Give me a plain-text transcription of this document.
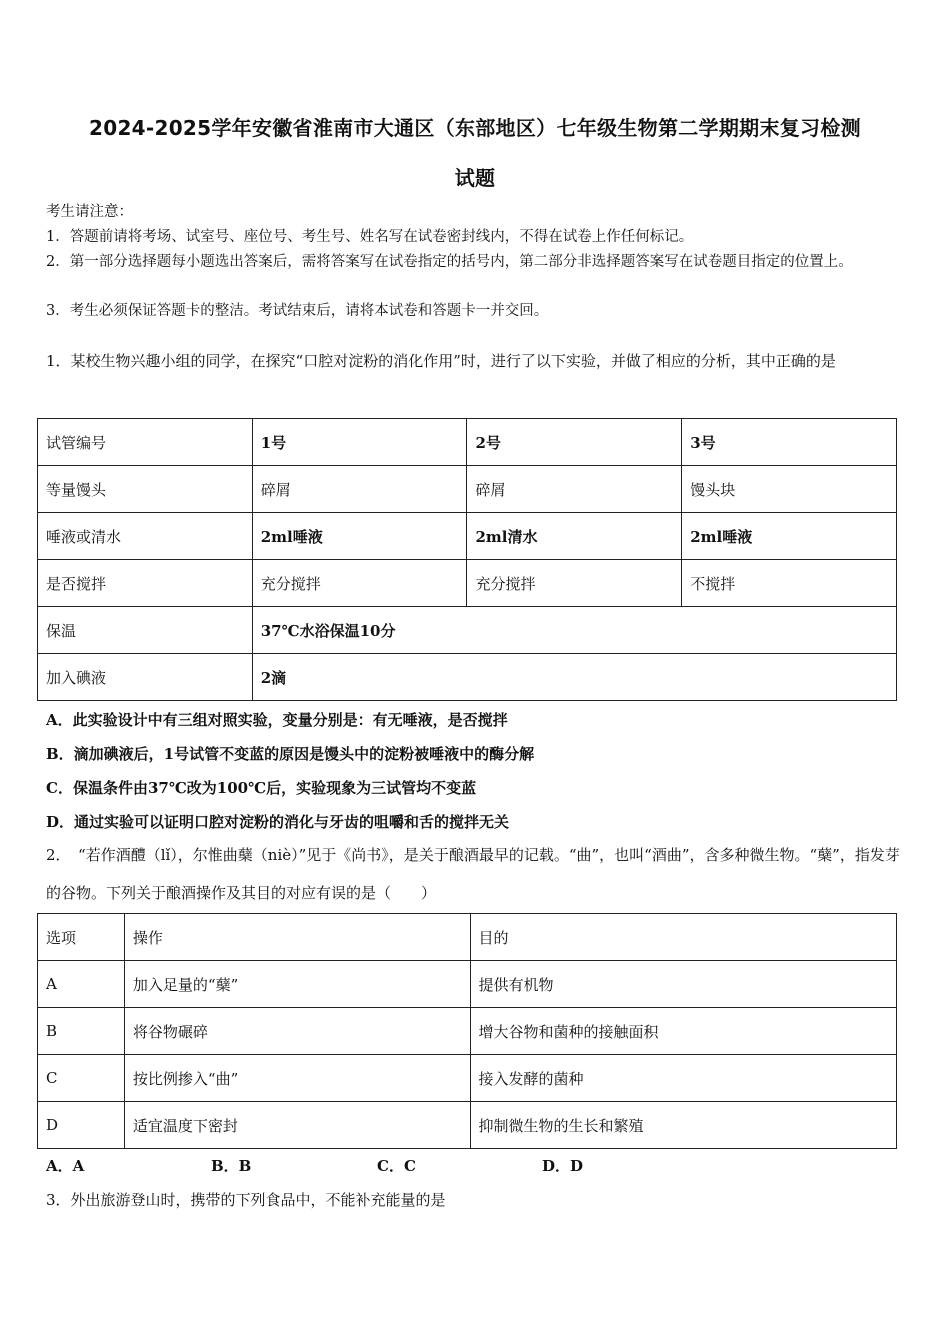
2024-2025学年安徽省淮南市大通区（东部地区）七年级生物第二学期期末复习检测
试题
考生请注意：
1．答题前请将考场、试室号、座位号、考生号、姓名写在试卷密封线内，不得在试卷上作任何标记。
2．第一部分选择题每小题选出答案后，需将答案写在试卷指定的括号内，第二部分非选择题答案写在试卷题目指定的位置上。
3．考生必须保证答题卡的整洁。考试结束后，请将本试卷和答题卡一并交回。
1．某校生物兴趣小组的同学，在探究“口腔对淀粉的消化作用”时，进行了以下实验，并做了相应的分析，其中正确的是
试管编号	1号	2号	3号
等量馒头	碎屑	碎屑	馒头块
唾液或清水	2ml唾液	2ml清水	2ml唾液
是否搅拌	充分搅拌	充分搅拌	不搅拌
保温	37℃水浴保温10分		
加入碘液	2滴		
A．此实验设计中有三组对照实验，变量分别是：有无唾液，是否搅拌
B．滴加碘液后，1号试管不变蓝的原因是馒头中的淀粉被唾液中的酶分解
C．保温条件由37℃改为100℃后，实验现象为三试管均不变蓝
D．通过实验可以证明口腔对淀粉的消化与牙齿的咀嚼和舌的搅拌无关
2．　“若作酒醴（lǐ），尔惟曲蘖（niè）”见于《尚书》，是关于酿酒最早的记载。“曲”，也叫“酒曲”，含多种微生物。“蘖”，指发芽的谷物。下列关于酿酒操作及其目的对应有误的是（　　）
选项	操作	目的
A	加入足量的“蘖”	提供有机物
B	将谷物碾碎	增大谷物和菌种的接触面积
C	按比例掺入“曲”	接入发酵的菌种
D	适宜温度下密封	抑制微生物的生长和繁殖
A．A	B．B	C．C	D．D
3．外出旅游登山时，携带的下列食品中，不能补充能量的是
